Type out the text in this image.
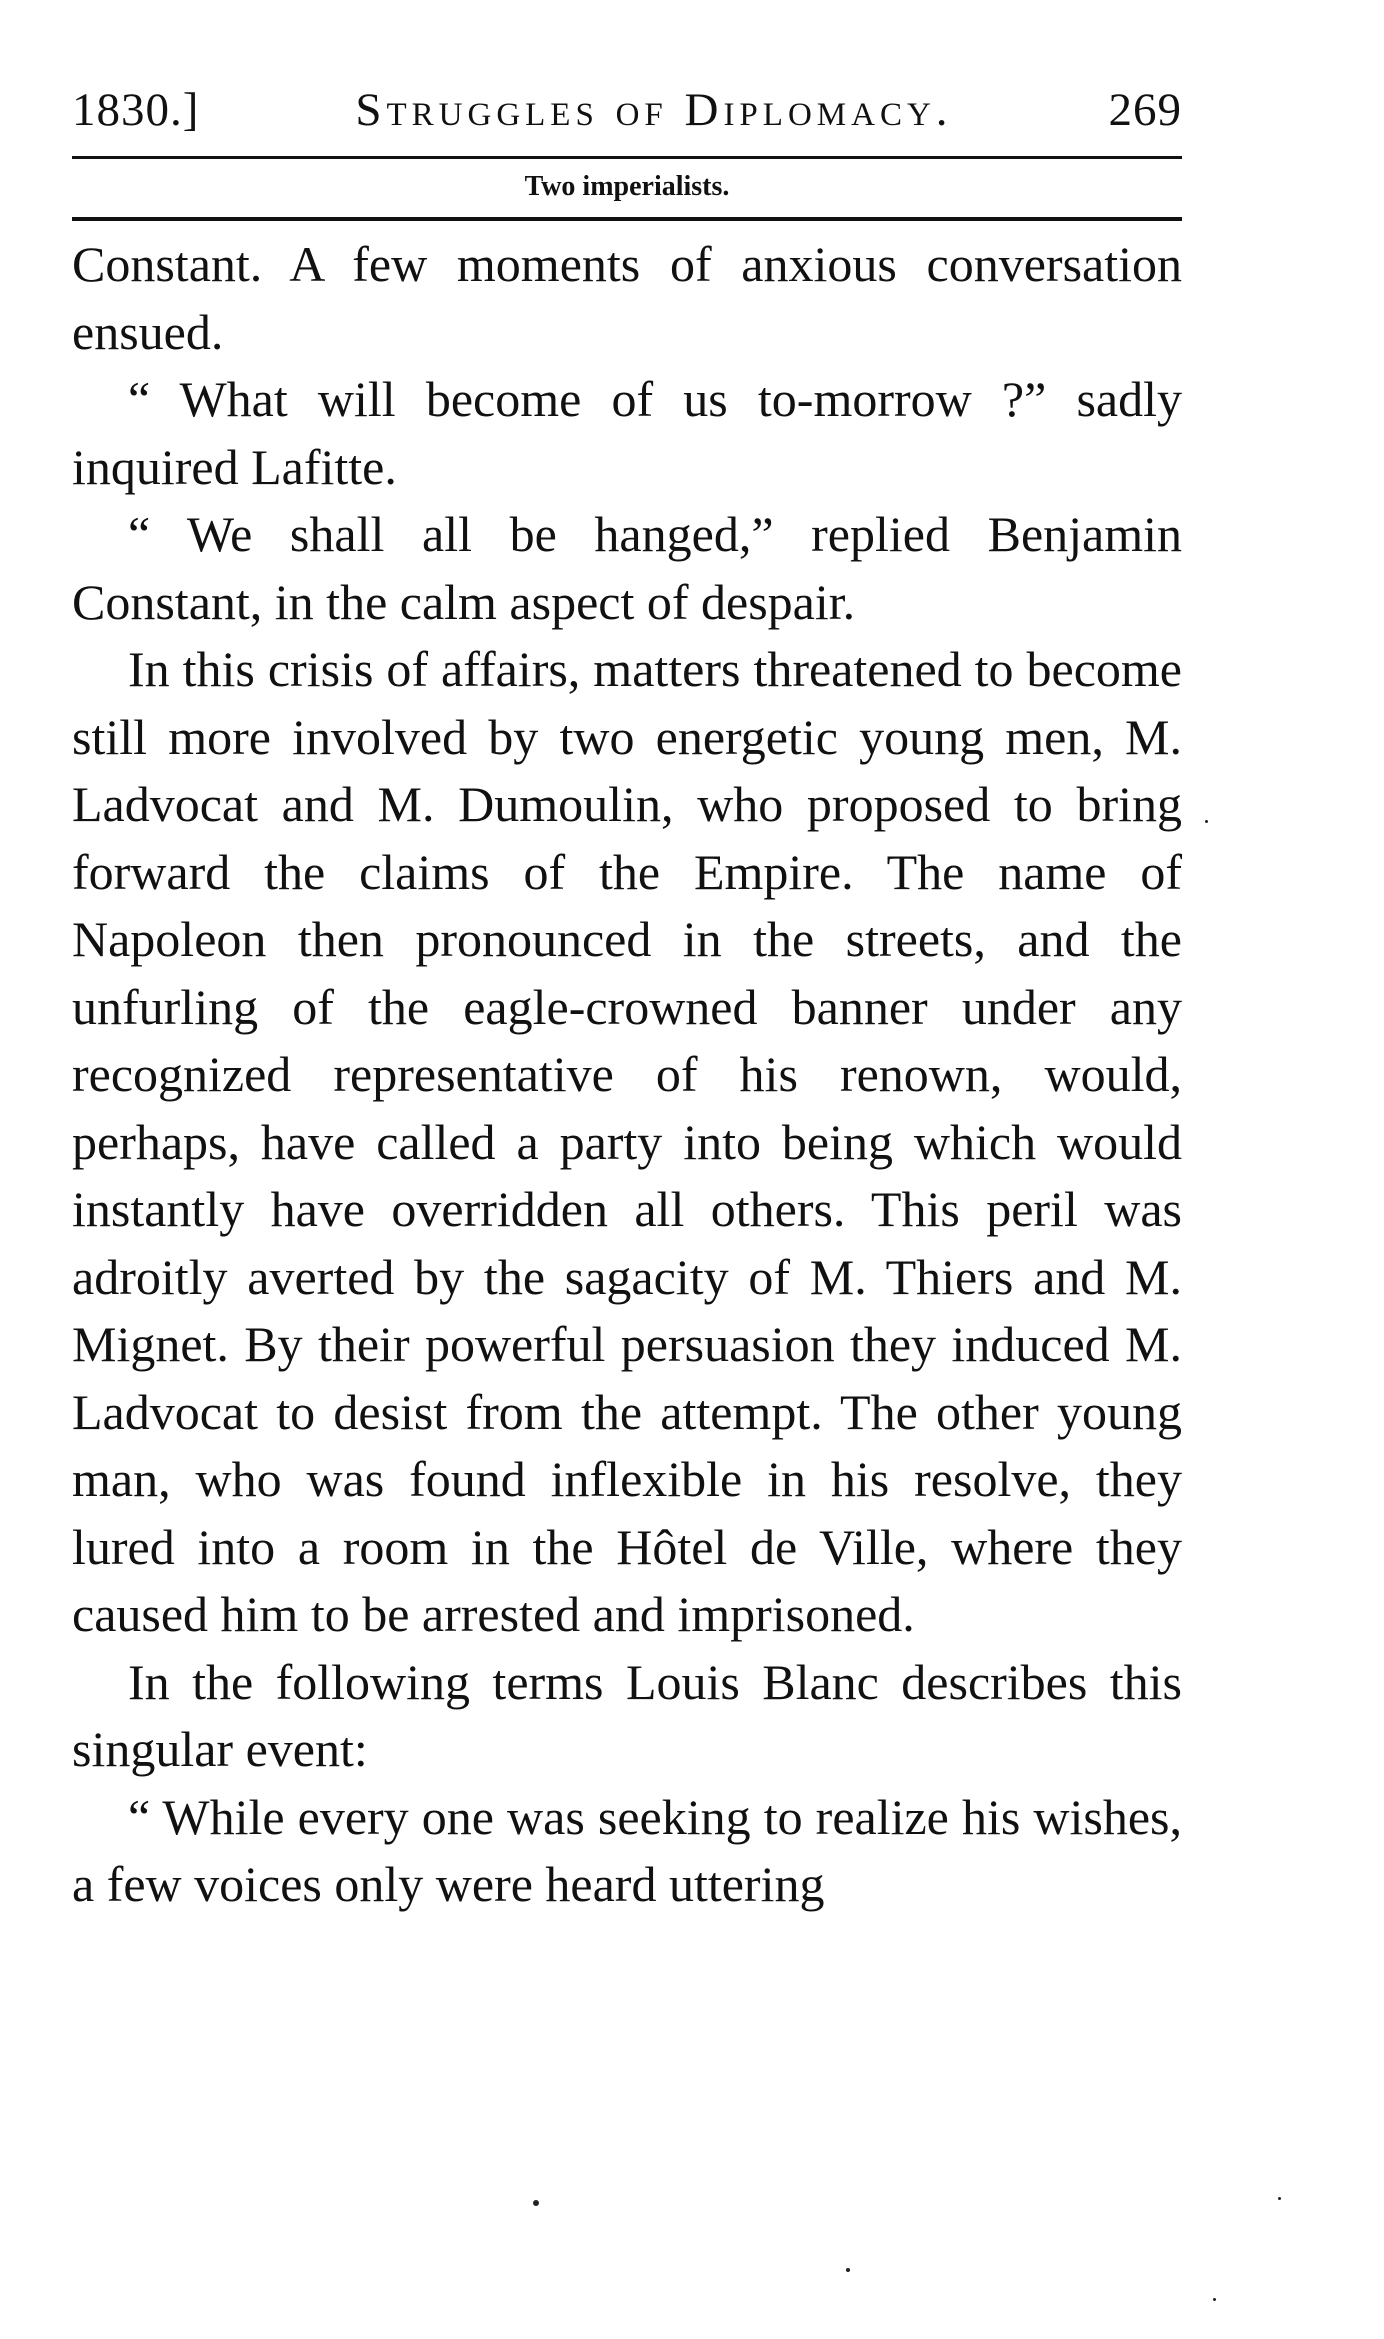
1830.]	Struggles of Diplomacy.	269
Two imperialists.

Constant. A few moments of anxious conversation ensued.

“ What will become of us to-morrow ?” sadly inquired Lafitte.

“ We shall all be hanged,” replied Benjamin Constant, in the calm aspect of despair.

In this crisis of affairs, matters threatened to become still more involved by two energetic young men, M. Ladvocat and M. Dumoulin, who proposed to bring forward the claims of the Empire. The name of Napoleon then pronounced in the streets, and the unfurling of the eagle-crowned banner under any recognized representative of his renown, would, perhaps, have called a party into being which would instantly have overridden all others. This peril was adroitly averted by the sagacity of M. Thiers and M. Mignet. By their powerful persuasion they induced M. Ladvocat to desist from the attempt. The other young man, who was found inflexible in his resolve, they lured into a room in the Hôtel de Ville, where they caused him to be arrested and imprisoned.

In the following terms Louis Blanc describes this singular event:

“ While every one was seeking to realize his wishes, a few voices only were heard uttering
